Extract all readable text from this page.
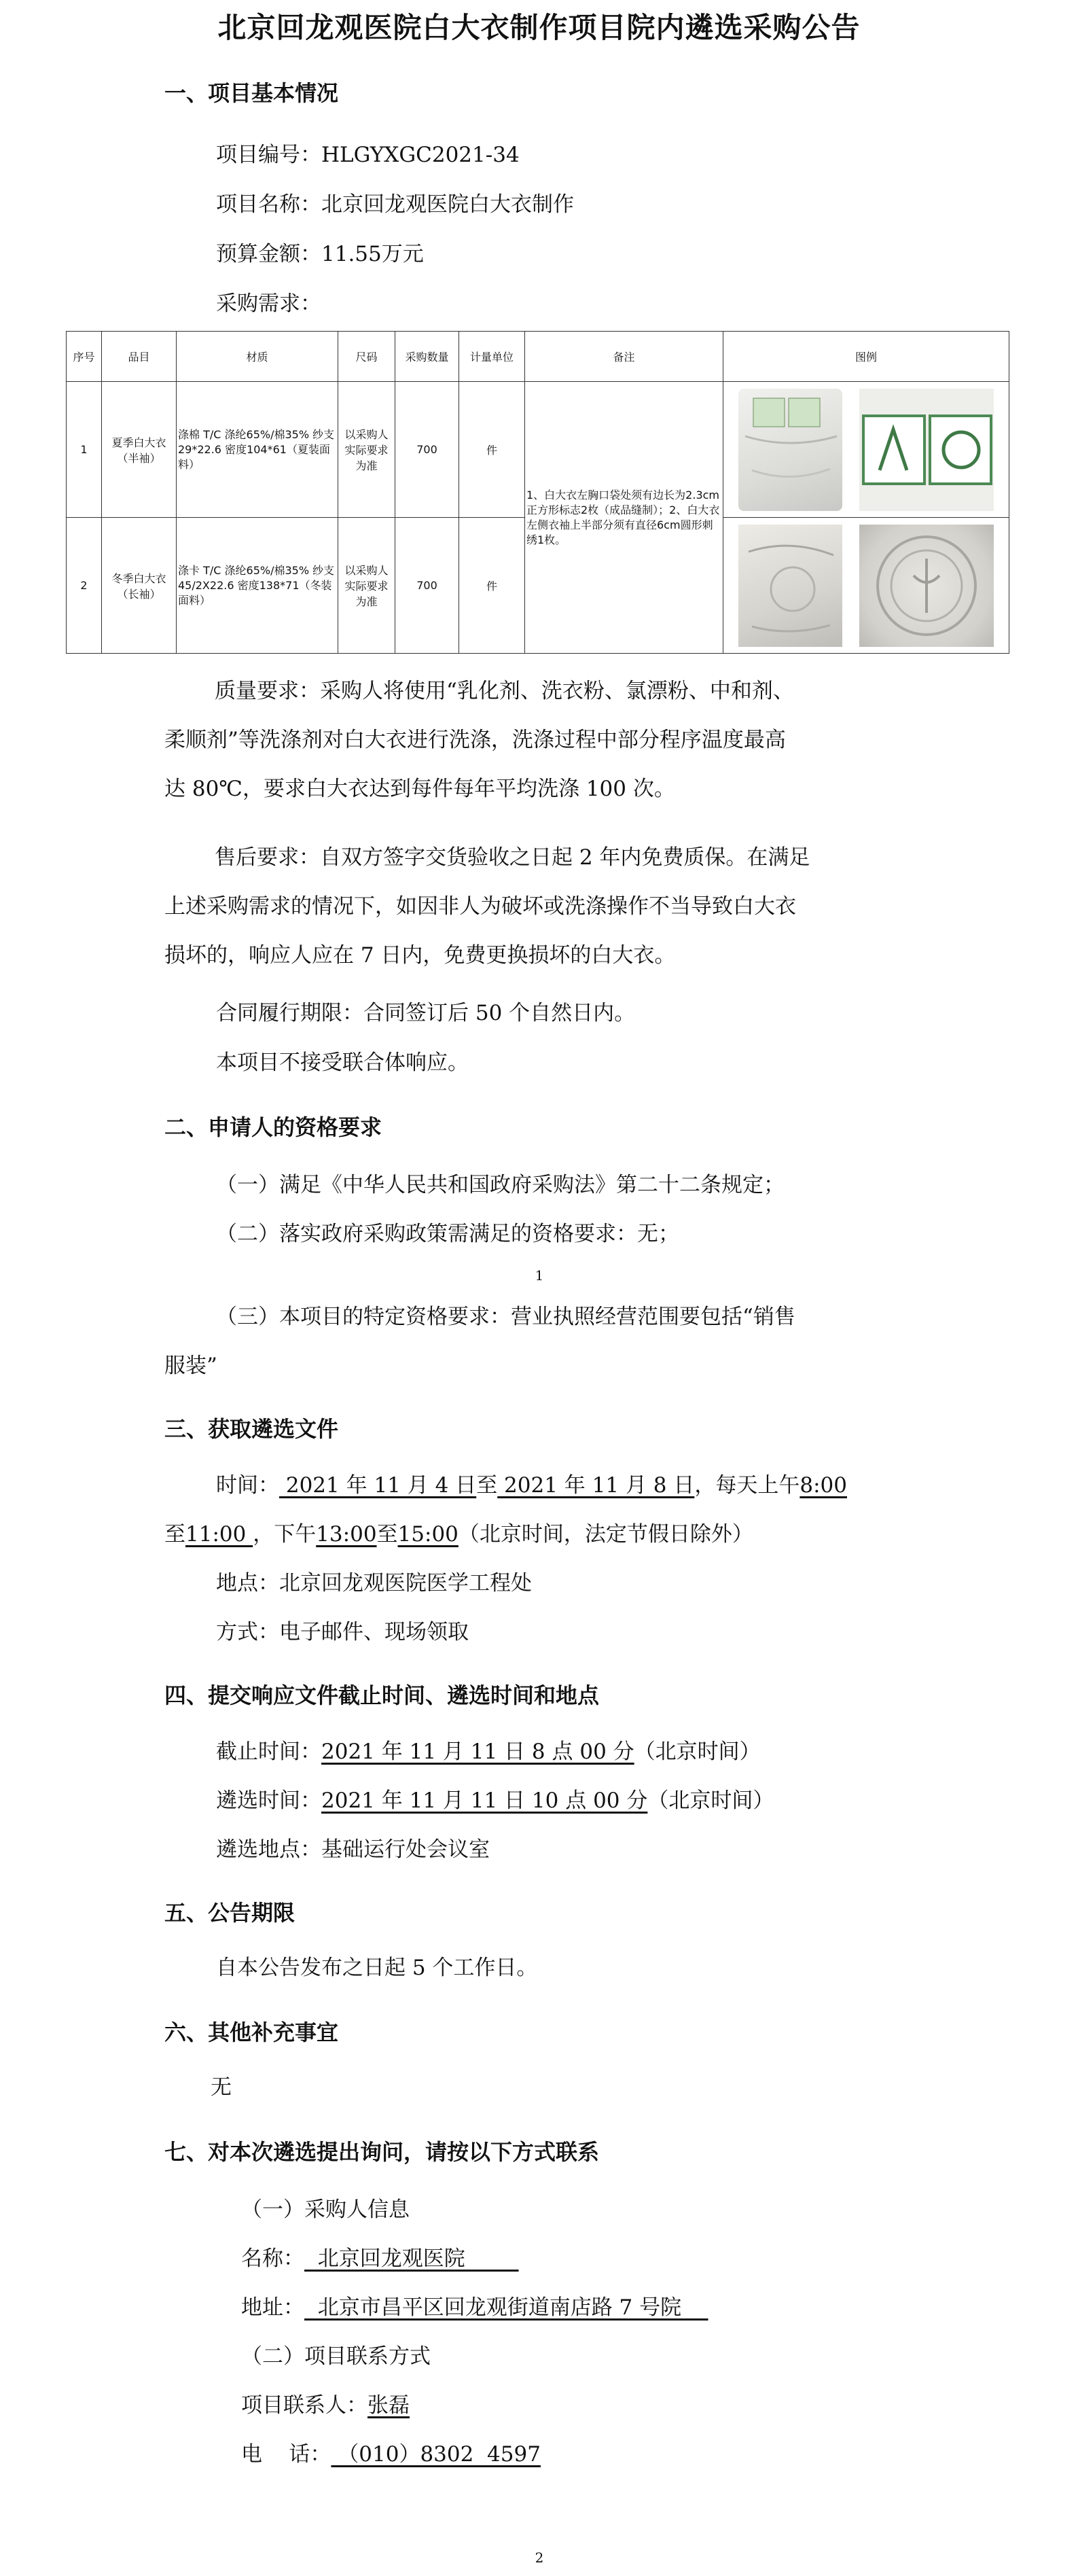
北京回龙观医院白大衣制作项目院内遴选采购公告
一、项目基本情况
项目编号：HLGYXGC2021-34
项目名称：北京回龙观医院白大衣制作
预算金额：11.55万元
采购需求：
序号	品目	材质	尺码	采购数量	计量单位	备注	图例
1	夏季白大衣（半袖）	涤棉 T/C 涤纶65%/棉35% 纱支 29*22.6 密度104*61（夏装面料）	以采购人实际要求为准	700	件	1、白大衣左胸口袋处须有边长为2.3cm正方形标志2枚（成品缝制）；2、白大衣左侧衣袖上半部分须有直径6cm圆形刺绣1枚。	
2	冬季白大衣（长袖）	涤卡 T/C 涤纶65%/棉35% 纱支 45/2X22.6 密度138*71（冬装面料）	以采购人实际要求为准	700	件	
质量要求：采购人将使用“乳化剂、洗衣粉、氯漂粉、中和剂、
柔顺剂”等洗涤剂对白大衣进行洗涤，洗涤过程中部分程序温度最高
达 80℃，要求白大衣达到每件每年平均洗涤 100 次。
售后要求：自双方签字交货验收之日起 2 年内免费质保。在满足
上述采购需求的情况下，如因非人为破坏或洗涤操作不当导致白大衣
损坏的，响应人应在 7 日内，免费更换损坏的白大衣。
合同履行期限：合同签订后 50 个自然日内。
本项目不接受联合体响应。
二、申请人的资格要求
（一）满足《中华人民共和国政府采购法》第二十二条规定；
（二）落实政府采购政策需满足的资格要求：无；
1
（三）本项目的特定资格要求：营业执照经营范围要包括“销售
服装”
三、获取遴选文件
时间： 2021 年 11 月 4 日至 2021 年 11 月 8 日，每天上午8:00
至11:00 ，下午13:00至15:00（北京时间，法定节假日除外）
地点：北京回龙观医院医学工程处
方式：电子邮件、现场领取
四、提交响应文件截止时间、遴选时间和地点
截止时间：2021 年 11 月 11 日 8 点 00 分（北京时间）
遴选时间：2021 年 11 月 11 日 10 点 00 分（北京时间）
遴选地点：基础运行处会议室
五、公告期限
自本公告发布之日起 5 个工作日。
六、其他补充事宜
无
七、对本次遴选提出询问，请按以下方式联系
（一）采购人信息
名称：  北京回龙观医院
地址：  北京市昌平区回龙观街道南店路 7 号院
（二）项目联系方式
项目联系人：张磊
电    话： （010）8302  4597
2
